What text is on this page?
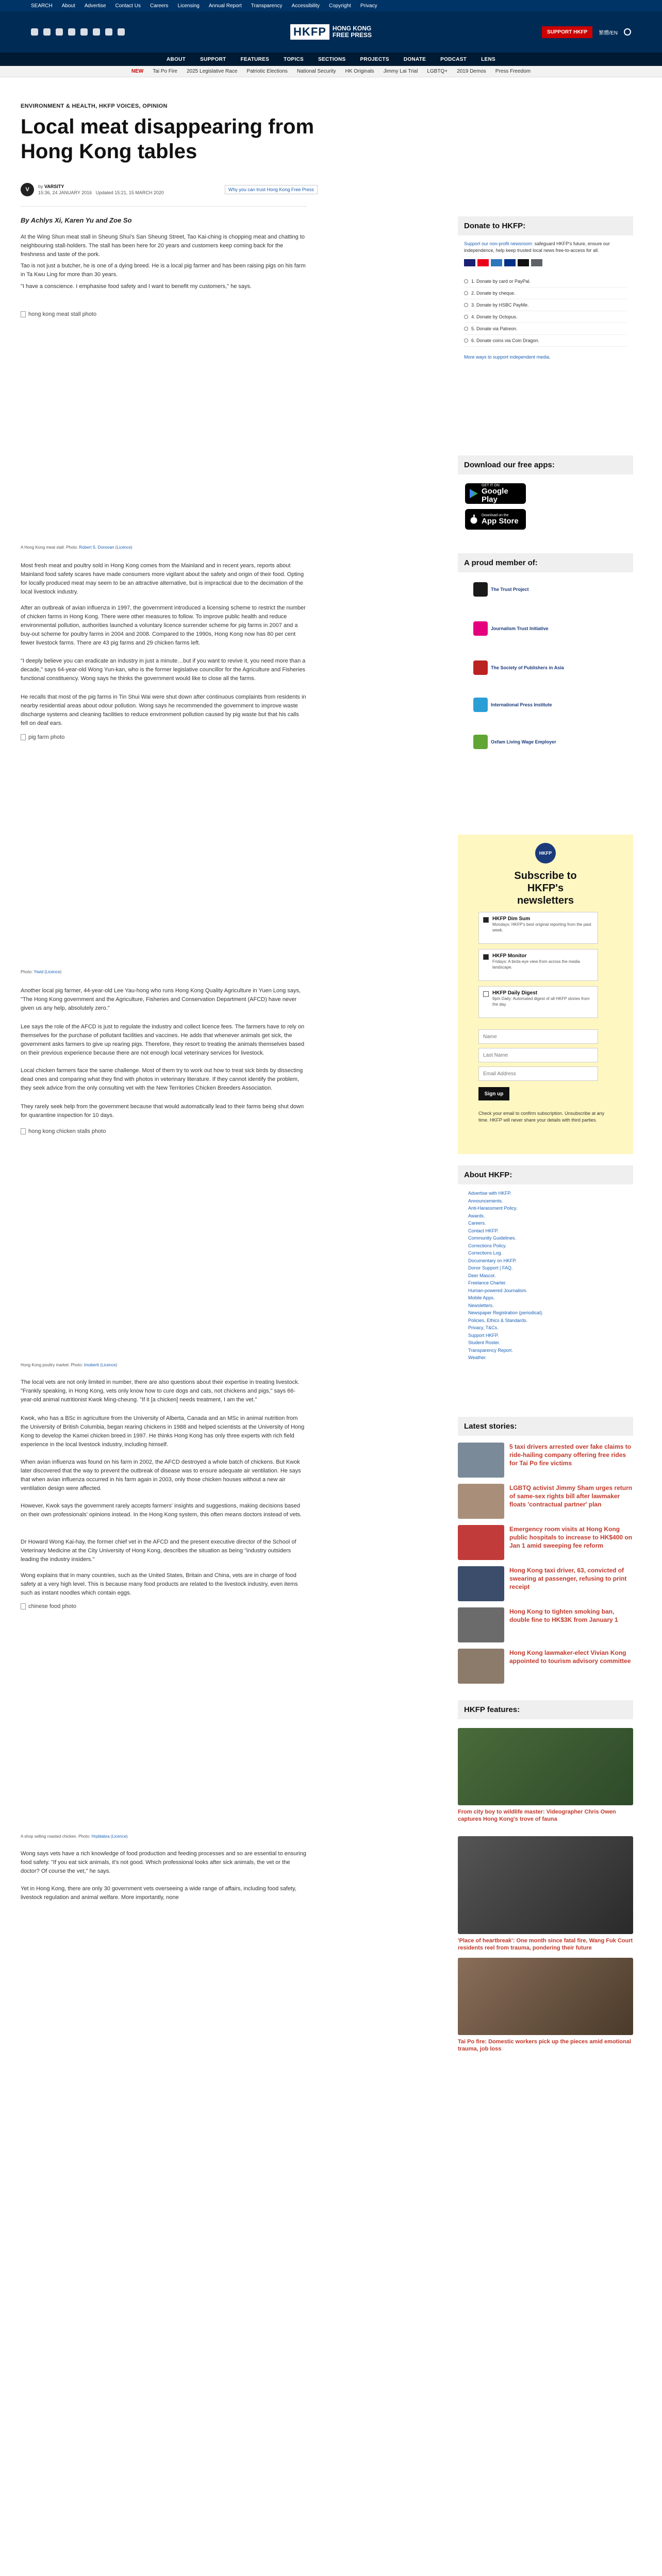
SEARCH About Advertise Contact Us Careers Licensing Annual Report Transparency Accessibility Copyright Privacy
HKFP	HONG KONG
FREE PRESS	SUPPORT HKFP	繁體/EN
ABOUT	SUPPORT	FEATURES	TOPICS	SECTIONS	PROJECTS	DONATE	PODCAST	LENS
NEW Tai Po Fire 2025 Legislative Race Patriotic Elections National Security HK Originals Jimmy Lai Trial LGBTQ+ 2019 Demos Press Freedom
ENVIRONMENT & HEALTH, HKFP VOICES, OPINION
Local meat disappearing from Hong Kong tables
V	by VARSITY
15:36, 24 JANUARY 2016 Updated 15:21, 15 MARCH 2020
Why you can trust Hong Kong Free Press
By Achlys Xi, Karen Yu and Zoe So

At the Wing Shun meat stall in Sheung Shui's San Sheung Street, Tao Kai-ching is chopping meat and chatting to neighbouring stall-holders. The stall has been here for 20 years and customers keep coming back for the freshness and taste of the pork.

Tao is not just a butcher, he is one of a dying breed. He is a local pig farmer and has been raising pigs on his farm in Ta Kwu Ling for more than 30 years.

"I have a conscience. I emphasise food safety and I want to benefit my customers," he says.

hong kong meat stall photo
A Hong Kong meat stall. Photo: Robert S. Donovan (Licence)

Most fresh meat and poultry sold in Hong Kong comes from the Mainland and in recent years, reports about Mainland food safety scares have made consumers more vigilant about the safety and origin of their food. Opting for locally produced meat may seem to be an attractive alternative, but is impractical due to the decimation of the local livestock industry.

After an outbreak of avian influenza in 1997, the government introduced a licensing scheme to restrict the number of chicken farms in Hong Kong. There were other measures to follow. To improve public health and reduce environmental pollution, authorities launched a voluntary licence surrender scheme for pig farms in 2007 and a buy-out scheme for poultry farms in 2004 and 2008. Compared to the 1990s, Hong Kong now has 80 per cent fewer livestock farms. There are 43 pig farms and 29 chicken farms left.

"I deeply believe you can eradicate an industry in just a minute…but if you want to revive it, you need more than a decade," says 64-year-old Wong Yun-kan, who is the former legislative councillor for the Agriculture and Fisheries functional constituency. Wong says he thinks the government would like to close all the farms.

He recalls that most of the pig farms in Tin Shui Wai were shut down after continuous complaints from residents in nearby residential areas about odour pollution. Wong says he recommended the government to improve waste discharge systems and cleaning facilities to reduce environment pollution caused by pig waste but that his calls fell on deaf ears.

pig farm photo
Photo: Yiwid (Licence)

Another local pig farmer, 44-year-old Lee Yau-hong who runs Hong Kong Quality Agriculture in Yuen Long says, "The Hong Kong government and the Agriculture, Fisheries and Conservation Department (AFCD) have never given us any help, absolutely zero."

Lee says the role of the AFCD is just to regulate the industry and collect licence fees. The farmers have to rely on themselves for the purchase of pollutant facilities and vaccines. He adds that whenever animals get sick, the government asks farmers to give up rearing pigs. Therefore, they resort to treating the animals themselves based on their previous experience because there are not enough local veterinary services for livestock.

Local chicken farmers face the same challenge. Most of them try to work out how to treat sick birds by dissecting dead ones and comparing what they find with photos in veterinary literature. If they cannot identify the problem, they seek advice from the only consulting vet with the New Territories Chicken Breeders Association.

They rarely seek help from the government because that would automatically lead to their farms being shut down for quarantine inspection for 10 days.

hong kong chicken stalls photo
Hong Kong poultry market. Photo: Imobertt (Licence)

The local vets are not only limited in number, there are also questions about their expertise in treating livestock. "Frankly speaking, in Hong Kong, vets only know how to cure dogs and cats, not chickens and pigs," says 66-year-old animal nutritionist Kwok Ming-cheung. "If it [a chicken] needs treatment, I am the vet."

Kwok, who has a BSc in agriculture from the University of Alberta, Canada and an MSc in animal nutrition from the University of British Columbia, began rearing chickens in 1988 and helped scientists at the University of Hong Kong to develop the Kamei chicken breed in 1997. He thinks Hong Kong has only three experts with rich field experience in the local livestock industry, including himself.

When avian influenza was found on his farm in 2002, the AFCD destroyed a whole batch of chickens. But Kwok later discovered that the way to prevent the outbreak of disease was to ensure adequate air ventilation. He says that when avian influenza occurred in his farm again in 2003, only those chicken houses without a new air ventilation design were affected.

However, Kwok says the government rarely accepts farmers' insights and suggestions, making decisions based on their own professionals' opinions instead. In the Hong Kong system, this often means doctors instead of vets.

Dr Howard Wong Kai-hay, the former chief vet in the AFCD and the present executive director of the School of Veterinary Medicine at the City University of Hong Kong, describes the situation as being "industry outsiders leading the industry insiders."

Wong explains that in many countries, such as the United States, Britain and China, vets are in charge of food safety at a very high level. This is because many food products are related to the livestock industry, even items such as instant noodles which contain eggs.

chinese food photo
A shop selling roasted chicken. Photo: Hrpblabra (Licence)

Wong says vets have a rich knowledge of food production and feeding processes and so are essential to ensuring food safety. "If you eat sick animals, it's not good. Which professional looks after sick animals, the vet or the doctor? Of course the vet," he says.

Yet in Hong Kong, there are only 30 government vets overseeing a wide range of affairs, including food safety, livestock regulation and animal welfare. More importantly, none

Donate to HKFP:

Support our non-profit newsroom: safeguard HKFP's future, ensure our independence, help keep trusted local news free-to-access for all.

1. Donate by card or PayPal.
2. Donate by cheque.
3. Donate by HSBC PayMe.
4. Donate by Octopus.
5. Donate via Patreon.
6. Donate coins via Coin Dragon.

More ways to support independent media.

Download our free apps:
GET IT ON
Google Play
Download on the
App Store
A proud member of:
The Trust Project
Journalism Trust Initiative
The Society of Publishers in Asia
International Press Institute
Oxfam Living Wage Employer
HKFP
Subscribe to
HKFP's
newsletters
HKFP Dim Sum
Mondays: HKFP's best original reporting from the past week.
HKFP Monitor
Fridays: A birds-eye view from across the media landscape.
HKFP Daily Digest
9pm Daily: Automated digest of all HKFP stories from the day.
Name
Last Name
Email Address
Sign up

Check your email to confirm subscription. Unsubscribe at any time. HKFP will never share your details with third parties.

About HKFP:
Advertise with HKFP.
Announcements.
Anti-Harassment Policy.
Awards.
Careers.
Contact HKFP.
Community Guidelines.
Corrections Policy.
Corrections Log.
Documentary on HKFP.
Donor Support | FAQ.
Deer Mascot.
Freelance Charter.
Human-powered Journalism.
Mobile Apps.
Newsletters.
Newspaper Registration (periodical).
Policies, Ethics & Standards.
Privacy, T&Cs.
Support HKFP.
Student Roster.
Transparency Report.
Weather.
Latest stories:
5 taxi drivers arrested over fake claims to ride-hailing company offering free rides for Tai Po fire victims
LGBTQ activist Jimmy Sham urges return of same-sex rights bill after lawmaker floats 'contractual partner' plan
Emergency room visits at Hong Kong public hospitals to increase to HK$400 on Jan 1 amid sweeping fee reform
Hong Kong taxi driver, 63, convicted of swearing at passenger, refusing to print receipt
Hong Kong to tighten smoking ban, double fine to HK$3K from January 1
Hong Kong lawmaker-elect Vivian Kong appointed to tourism advisory committee
HKFP features:
From city boy to wildlife master: Videographer Chris Owen captures Hong Kong's trove of fauna
'Place of heartbreak': One month since fatal fire, Wang Fuk Court residents reel from trauma, pondering their future
Tai Po fire: Domestic workers pick up the pieces amid emotional trauma, job loss
